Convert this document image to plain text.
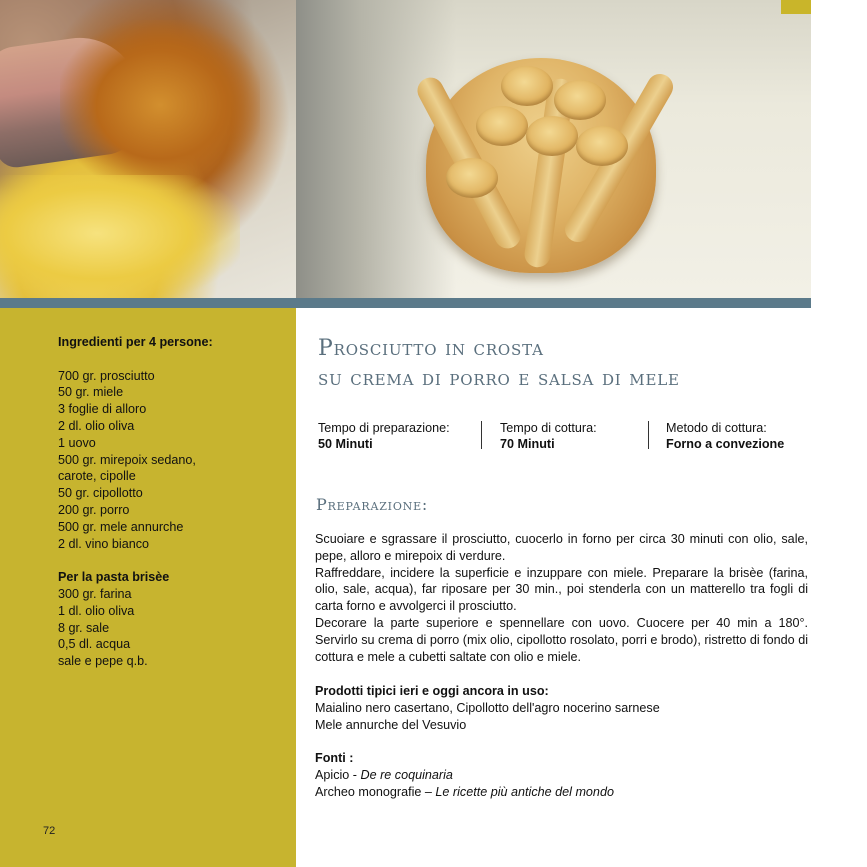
Ingredienti per 4 persone:
700 gr. prosciutto
50 gr. miele
3 foglie di alloro
2 dl. olio oliva
1 uovo
500 gr. mirepoix sedano,
carote, cipolle
50 gr. cipollotto
200 gr. porro
500 gr. mele annurche
2 dl. vino bianco
Per la pasta brisèe
300 gr. farina
1 dl. olio oliva
8 gr. sale
0,5 dl. acqua
sale e pepe q.b.
72
Prosciutto in crosta
su crema di porro e salsa di mele
Tempo di preparazione:
50 Minuti
Tempo di cottura:
70 Minuti
Metodo di cottura:
Forno a convezione
Preparazione:

Scuoiare e sgrassare il prosciutto, cuocerlo in forno per circa 30 minuti con olio, sale, pepe, alloro e mirepoix di verdure.

Raffreddare, incidere la superficie e inzuppare con miele. Preparare la brisèe (farina, olio, sale, acqua), far riposare per 30 min., poi stenderla con un matterello tra fogli di carta forno e avvolgerci il prosciutto.

Decorare la parte superiore e spennellare con uovo. Cuocere per 40 min a 180°. Servirlo su crema di porro (mix olio, cipollotto rosolato, porri e brodo), ristretto di fondo di cottura e mele a cubetti saltate con olio e miele.

Prodotti tipici ieri e oggi ancora in uso:
Maialino nero casertano, Cipollotto dell'agro nocerino sarnese
Mele annurche del Vesuvio
Fonti :
Apicio - De re coquinaria
Archeo monografie – Le ricette più antiche del mondo
